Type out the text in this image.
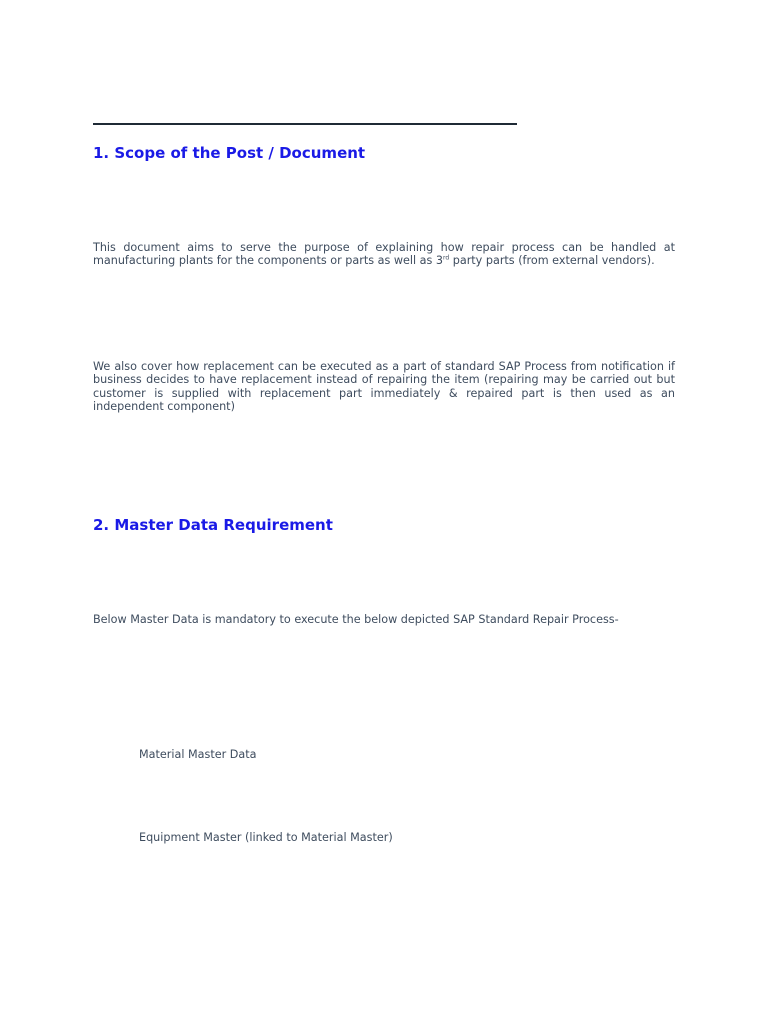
1. Scope of the Post / Document

This document aims to serve the purpose of explaining how repair process can be handled at manufacturing plants for the components or parts as well as 3rd party parts (from external vendors).

We also cover how replacement can be executed as a part of standard SAP Process from notification if business decides to have replacement instead of repairing the item (repairing may be carried out but customer is supplied with replacement part immediately & repaired part is then used as an independent component)

2. Master Data Requirement

Below Master Data is mandatory to execute the below depicted SAP Standard Repair Process-

Material Master Data

Equipment Master (linked to Material Master)
